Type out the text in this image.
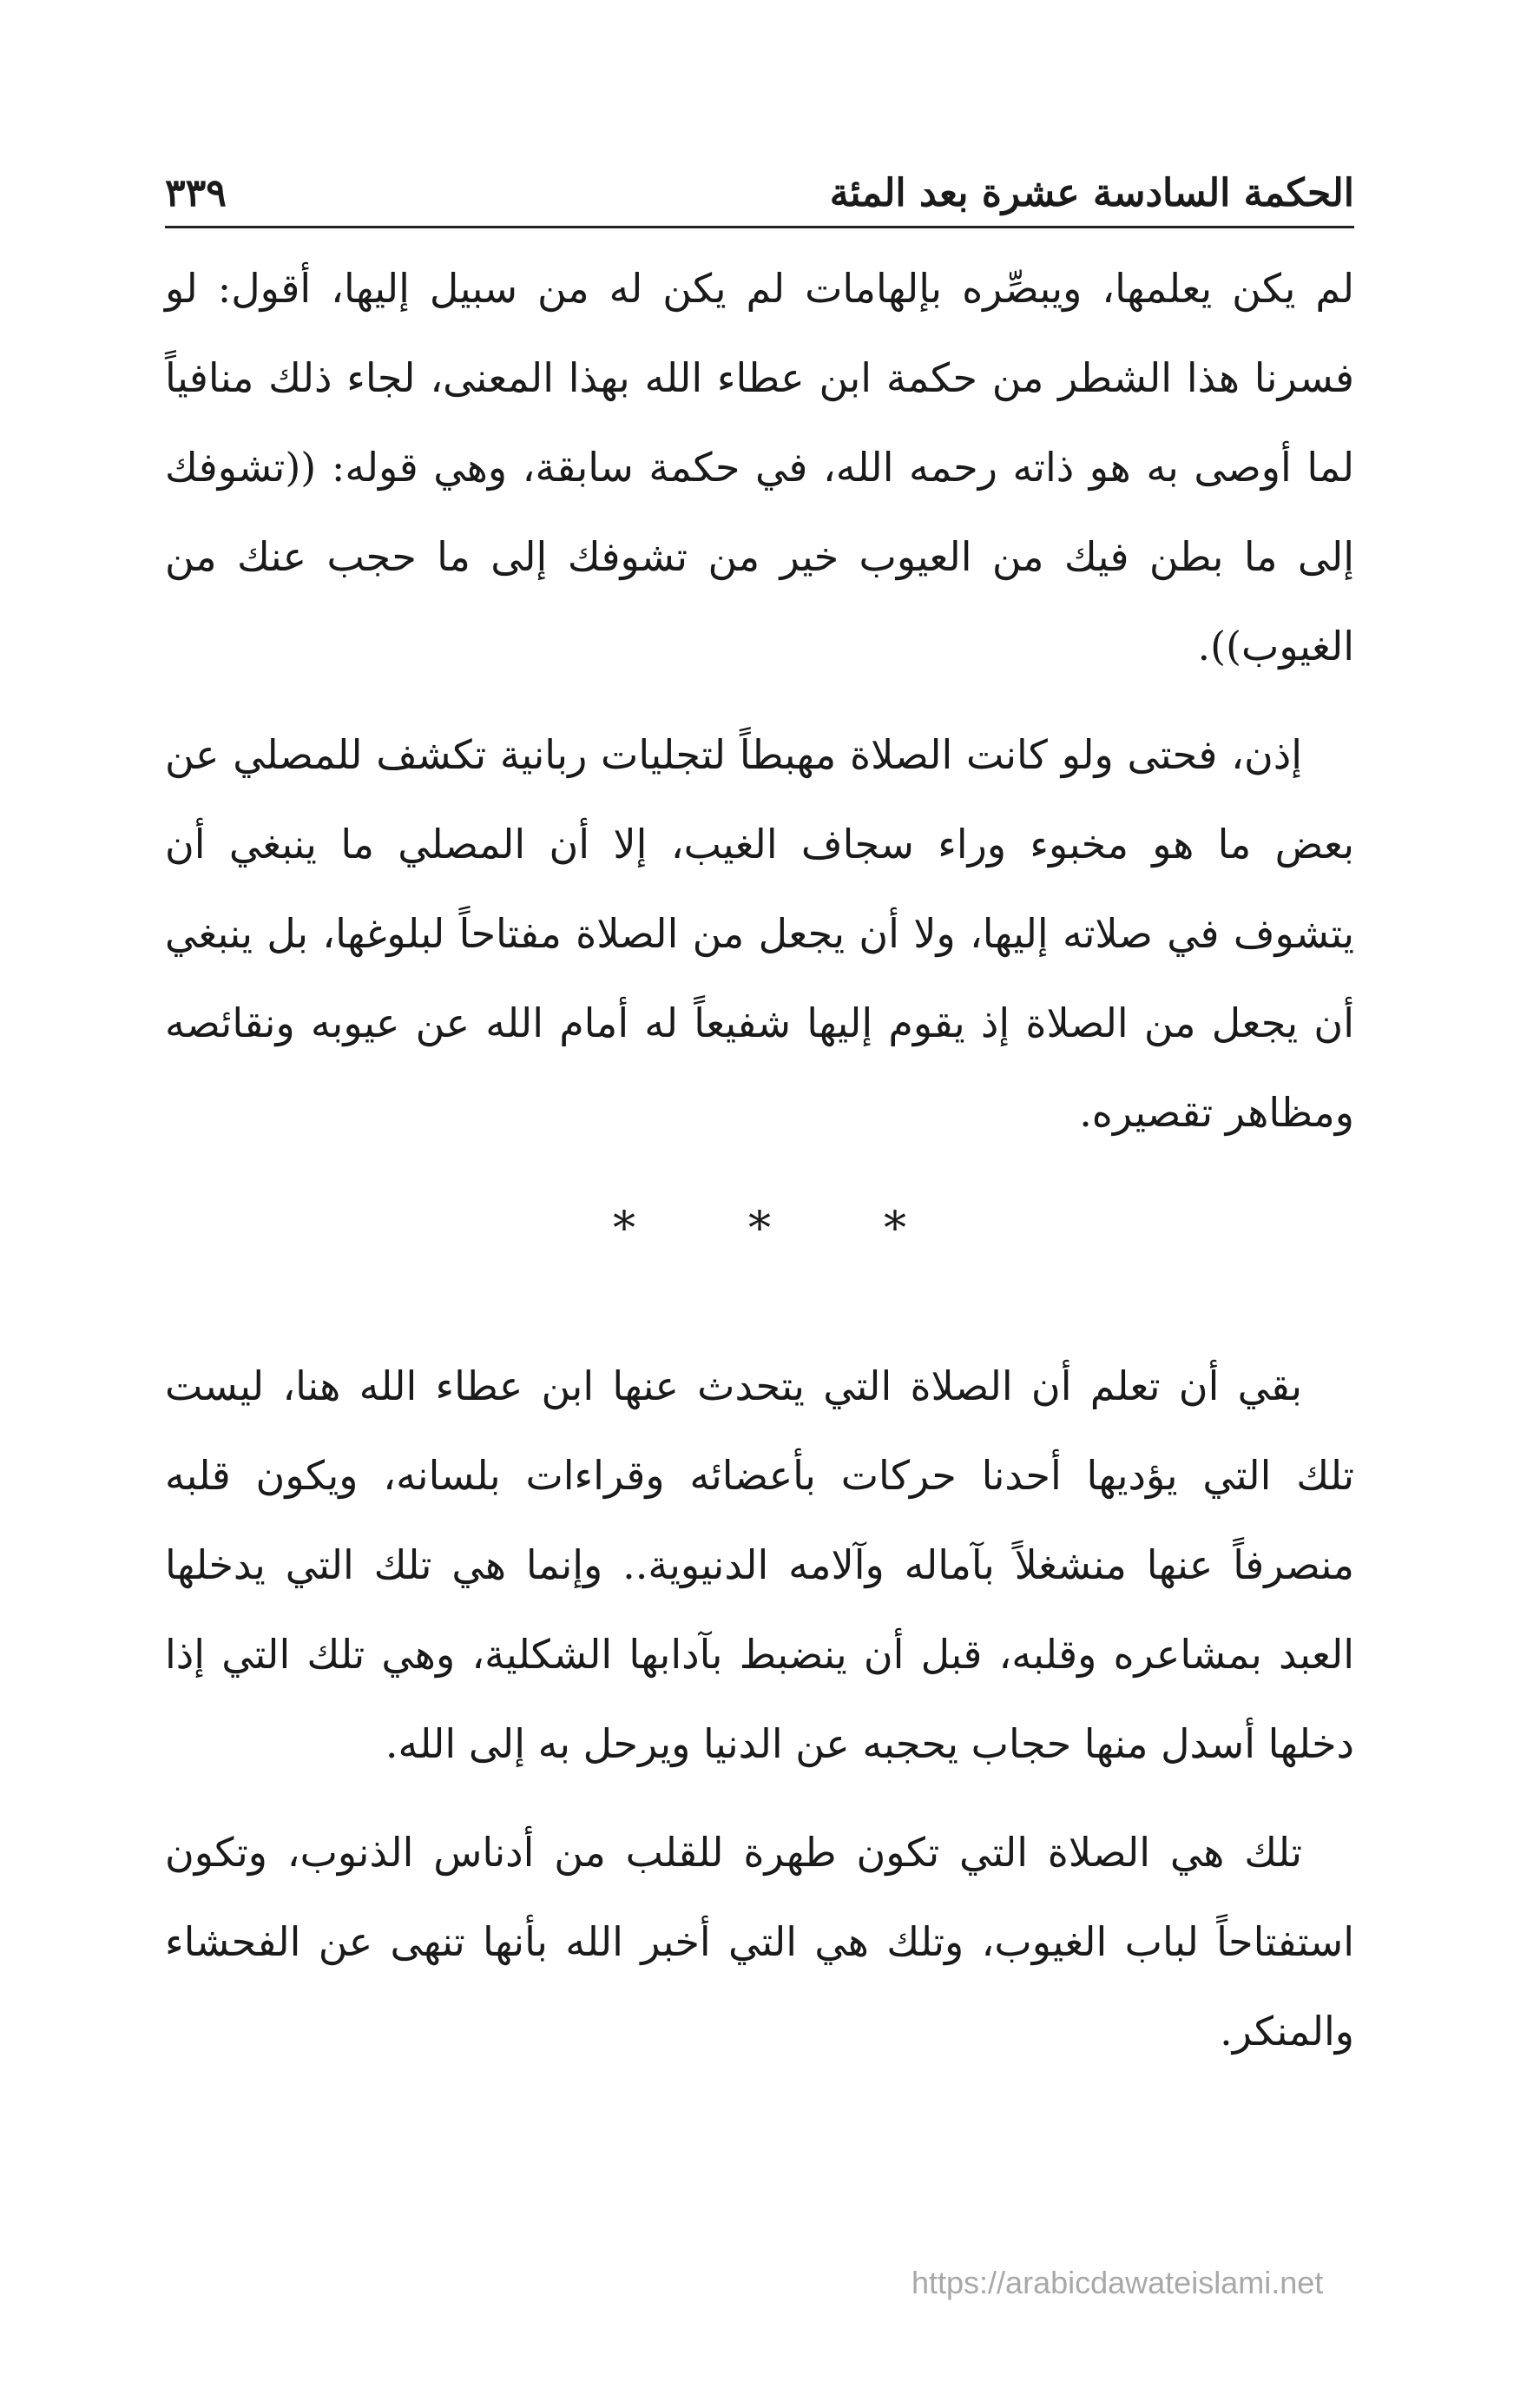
الحكمة السادسة عشرة بعد المئة
٣٣٩

لم يكن يعلمها، ويبصِّره بإلهامات لم يكن له من سبيل إليها، أقول: لو فسرنا هذا الشطر من حكمة ابن عطاء الله بهذا المعنى، لجاء ذلك منافياً لما أوصى به هو ذاته رحمه الله، في حكمة سابقة، وهي قوله: ((تشوفك إلى ما بطن فيك من العيوب خير من تشوفك إلى ما حجب عنك من الغيوب)).

إذن، فحتى ولو كانت الصلاة مهبطاً لتجليات ربانية تكشف للمصلي عن بعض ما هو مخبوء وراء سجاف الغيب، إلا أن المصلي ما ينبغي أن يتشوف في صلاته إليها، ولا أن يجعل من الصلاة مفتاحاً لبلوغها، بل ينبغي أن يجعل من الصلاة إذ يقوم إليها شفيعاً له أمام الله عن عيوبه ونقائصه ومظاهر تقصيره.

*	*	*

بقي أن تعلم أن الصلاة التي يتحدث عنها ابن عطاء الله هنا، ليست تلك التي يؤديها أحدنا حركات بأعضائه وقراءات بلسانه، ويكون قلبه منصرفاً عنها منشغلاً بآماله وآلامه الدنيوية.. وإنما هي تلك التي يدخلها العبد بمشاعره وقلبه، قبل أن ينضبط بآدابها الشكلية، وهي تلك التي إذا دخلها أسدل منها حجاب يحجبه عن الدنيا ويرحل به إلى الله.

تلك هي الصلاة التي تكون طهرة للقلب من أدناس الذنوب، وتكون استفتاحاً لباب الغيوب، وتلك هي التي أخبر الله بأنها تنهى عن الفحشاء والمنكر.

https://arabicdawateislami.net
